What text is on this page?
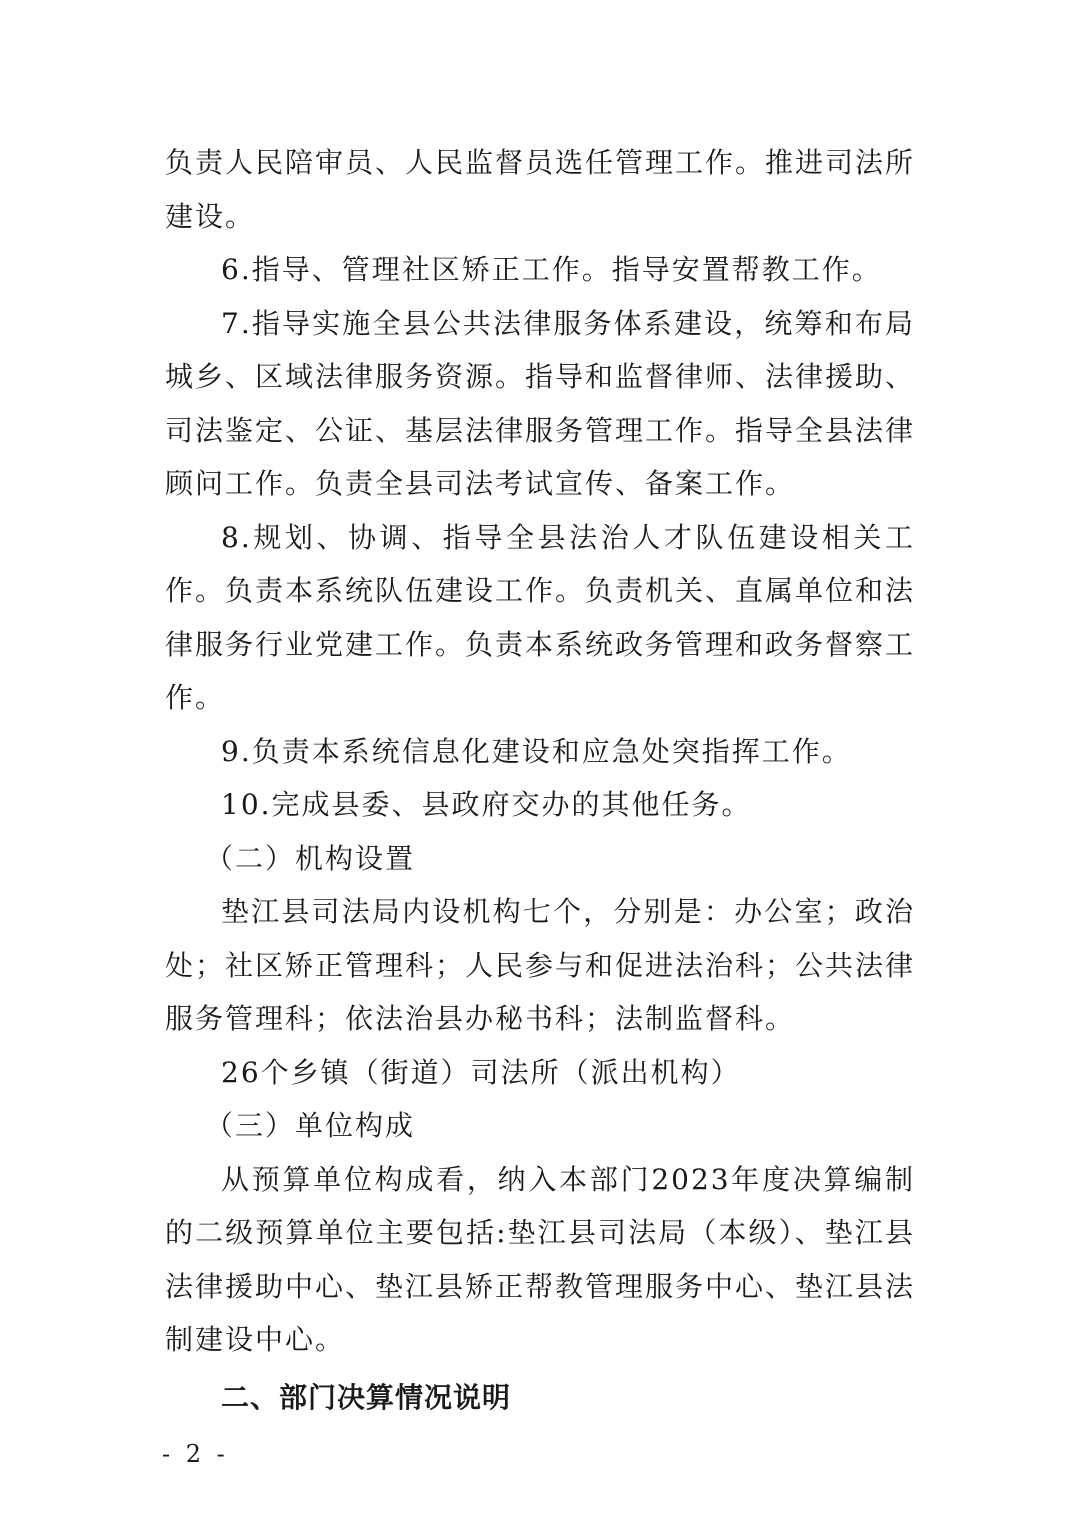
负责人民陪审员、人民监督员选任管理工作。推进司法所建设。

6.指导、管理社区矫正工作。指导安置帮教工作。

7.指导实施全县公共法律服务体系建设，统筹和布局城乡、区域法律服务资源。指导和监督律师、法律援助、司法鉴定、公证、基层法律服务管理工作。指导全县法律顾问工作。负责全县司法考试宣传、备案工作。

8.规划、协调、指导全县法治人才队伍建设相关工作。负责本系统队伍建设工作。负责机关、直属单位和法律服务行业党建工作。负责本系统政务管理和政务督察工作。

9.负责本系统信息化建设和应急处突指挥工作。

10.完成县委、县政府交办的其他任务。

（二）机构设置

垫江县司法局内设机构七个，分别是：办公室；政治处；社区矫正管理科；人民参与和促进法治科；公共法律服务管理科；依法治县办秘书科；法制监督科。

26个乡镇（街道）司法所（派出机构）

（三）单位构成

从预算单位构成看，纳入本部门2023年度决算编制的二级预算单位主要包括:垫江县司法局（本级）、垫江县法律援助中心、垫江县矫正帮教管理服务中心、垫江县法制建设中心。

二、部门决算情况说明
- 2 -
